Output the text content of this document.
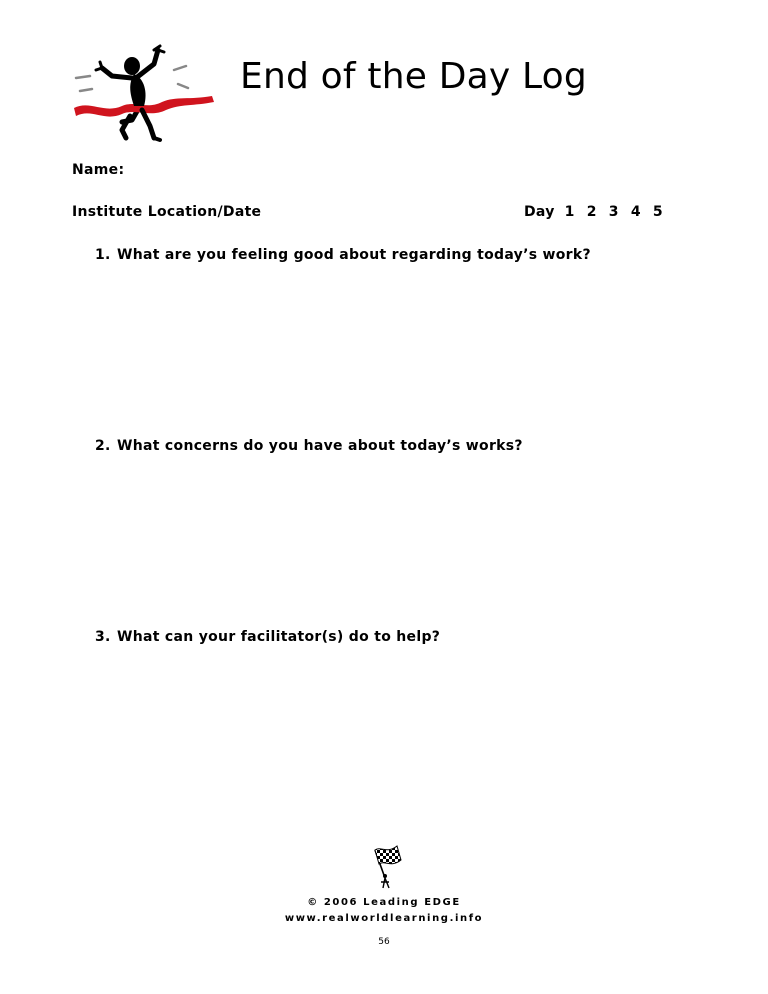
End of the Day Log
Name:
Institute Location/Date	Day 1 2 3 4 5
1. What are you feeling good about regarding today’s work?
2. What concerns do you have about today’s works?
3. What can your facilitator(s) do to help?
© 2006 Leading EDGE
www.realworldlearning.info
56
